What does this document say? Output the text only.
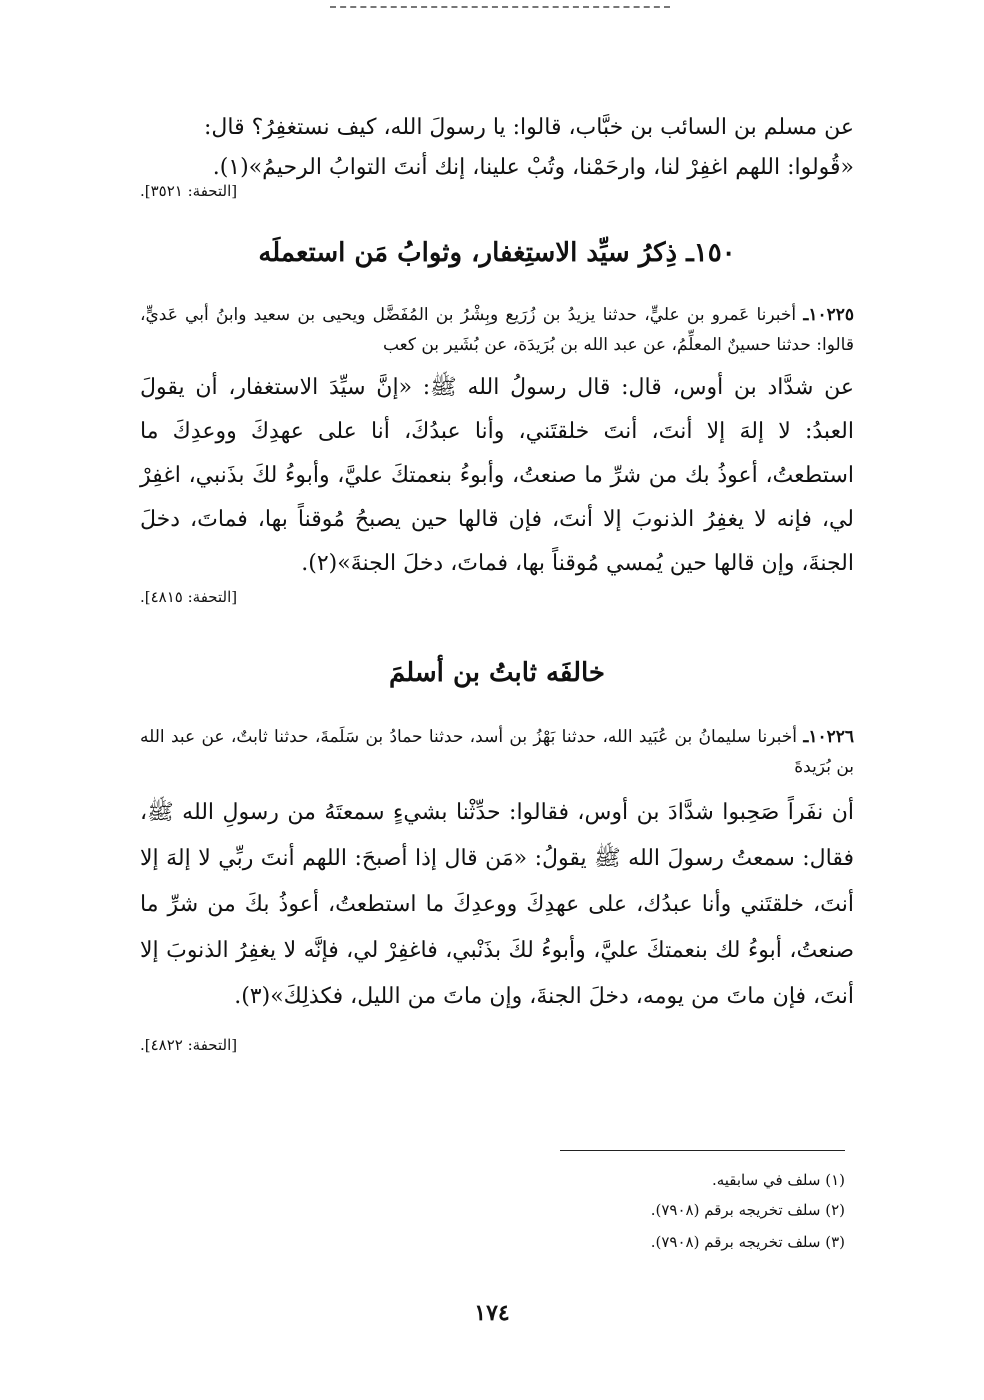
عن مسلم بن السائب بن خبَّاب، قالوا: يا رسولَ الله، كيف نستغفِرُ؟ قال:
«قُولوا: اللهم اغفِرْ لنا، وارحَمْنا، وتُبْ علينا، إنك أنتَ التوابُ الرحيمُ»(١).
[التحفة: ٣٥٢١].
١٥٠ـ ذِكرُ سيِّد الاستِغفار، وثوابُ مَن استعملَه
١٠٢٢٥ـ أخبرنا عَمرو بن عليٍّ، حدثنا يزيدُ بن زُرَيع وبِشْرُ بن المُفَضَّل ويحيى بن سعيد وابنُ أبي عَديٍّ، قالوا: حدثنا حسينٌ المعلِّمُ، عن عبد الله بن بُرَيدَة، عن بُشَير بن كعب
عن شدَّاد بن أوس، قال: قال رسولُ الله ﷺ: «إنَّ سيِّدَ الاستغفار، أن يقولَ العبدُ: لا إلهَ إلا أنتَ، أنتَ خلقتَني، وأنا عبدُكَ، أنا على عهدِكَ ووعدِكَ ما استطعتُ، أعوذُ بك من شرِّ ما صنعتُ، وأبوءُ بنعمتكَ عليَّ، وأبوءُ لكَ بذَنبي، اغفِرْ لي، فإنه لا يغفِرُ الذنوبَ إلا أنتَ، فإن قالها حين يصبحُ مُوقناً بها، فماتَ، دخلَ الجنةَ، وإن قالها حين يُمسي مُوقناً بها، فماتَ، دخلَ الجنةَ»(٢).
[التحفة: ٤٨١٥].
خالفَه ثابتُ بن أسلمَ
١٠٢٢٦ـ أخبرنا سليمانُ بن عُبَيد الله، حدثنا بَهْزُ بن أسد، حدثنا حمادُ بن سَلَمةَ، حدثنا ثابتٌ، عن عبد الله بن بُرَيدةَ
أن نفَراً صَحِبوا شدَّادَ بن أوس، فقالوا: حدِّثْنا بشيءٍ سمعتَهُ من رسولِ الله ﷺ، فقال: سمعتُ رسولَ الله ﷺ يقولُ: «مَن قال إذا أصبحَ: اللهم أنتَ ربِّي لا إلهَ إلا أنتَ، خلقتَني وأنا عبدُك، على عهدِكَ ووعدِكَ ما استطعتُ، أعوذُ بكَ من شرِّ ما صنعتُ، أبوءُ لك بنعمتكَ عليَّ، وأبوءُ لكَ بذَنْبي، فاغفِرْ لي، فإنَّه لا يغفِرُ الذنوبَ إلا أنتَ، فإن ماتَ من يومه، دخلَ الجنةَ، وإن ماتَ من الليل، فكذلِكَ»(٣).
[التحفة: ٤٨٢٢].
(١) سلف في سابقيه.
(٢) سلف تخريجه برقم (٧٩٠٨).
(٣) سلف تخريجه برقم (٧٩٠٨).
١٧٤
